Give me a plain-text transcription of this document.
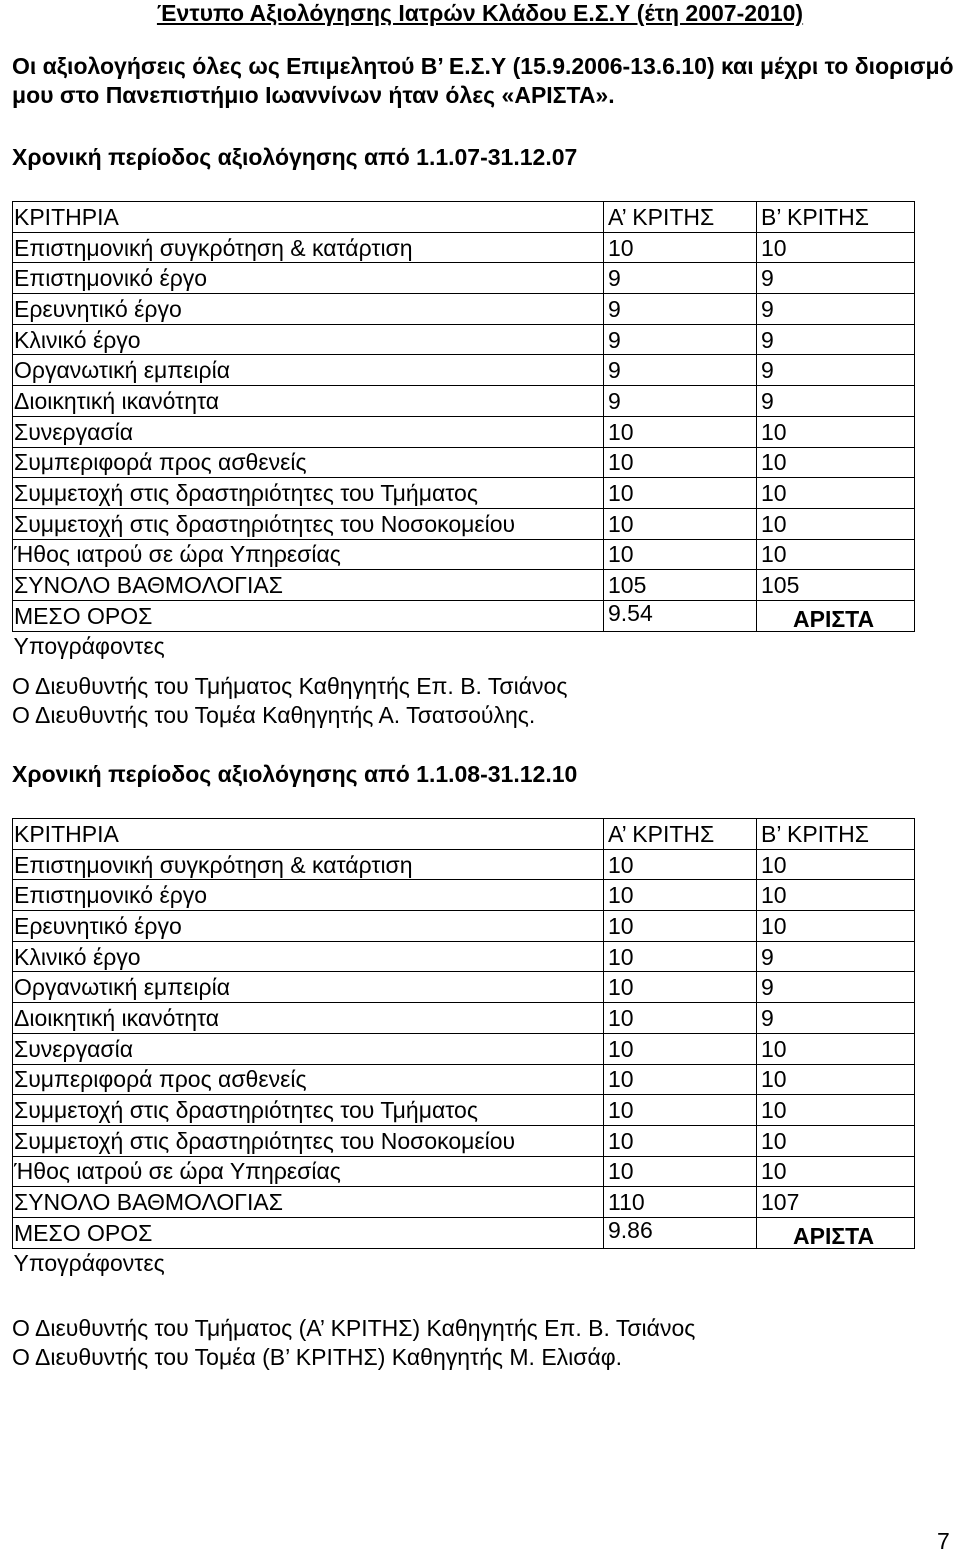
Έντυπο Αξιολόγησης Ιατρών Κλάδου Ε.Σ.Υ (έτη 2007-2010)
Οι αξιολογήσεις όλες ως Επιμελητού Β’ Ε.Σ.Υ (15.9.2006-13.6.10) και μέχρι το διορισμό μου στο Πανεπιστήμιο Ιωαννίνων ήταν όλες «ΑΡΙΣΤΑ».
Χρονική περίοδος αξιολόγησης από 1.1.07-31.12.07
ΚΡΙΤΗΡΙΑ	Α’ ΚΡΙΤΗΣ	Β’ ΚΡΙΤΗΣ
Επιστημονική συγκρότηση & κατάρτιση	10	10
Επιστημονικό έργο	9	9
Ερευνητικό έργο	9	9
Κλινικό έργο	9	9
Οργανωτική εμπειρία	9	9
Διοικητική ικανότητα	9	9
Συνεργασία	10	10
Συμπεριφορά προς ασθενείς	10	10
Συμμετοχή στις δραστηριότητες του Τμήματος	10	10
Συμμετοχή στις δραστηριότητες του Νοσοκομείου	10	10
Ήθος ιατρού σε ώρα Υπηρεσίας	10	10
ΣΥΝΟΛΟ ΒΑΘΜΟΛΟΓΙΑΣ	105	105
ΜΕΣΟ ΟΡΟΣ	9.54	ΑΡΙΣΤΑ
Υπογράφοντες		
Ο Διευθυντής του Τμήματος Καθηγητής Επ. Β. Τσιάνος
Ο Διευθυντής του Τομέα Καθηγητής Α. Τσατσούλης.
Χρονική περίοδος αξιολόγησης από 1.1.08-31.12.10
ΚΡΙΤΗΡΙΑ	Α’ ΚΡΙΤΗΣ	Β’ ΚΡΙΤΗΣ
Επιστημονική συγκρότηση & κατάρτιση	10	10
Επιστημονικό έργο	10	10
Ερευνητικό έργο	10	10
Κλινικό έργο	10	9
Οργανωτική εμπειρία	10	9
Διοικητική ικανότητα	10	9
Συνεργασία	10	10
Συμπεριφορά προς ασθενείς	10	10
Συμμετοχή στις δραστηριότητες του Τμήματος	10	10
Συμμετοχή στις δραστηριότητες του Νοσοκομείου	10	10
Ήθος ιατρού σε ώρα Υπηρεσίας	10	10
ΣΥΝΟΛΟ ΒΑΘΜΟΛΟΓΙΑΣ	110	107
ΜΕΣΟ ΟΡΟΣ	9.86	ΑΡΙΣΤΑ
Υπογράφοντες		
Ο Διευθυντής του Τμήματος (Α’ ΚΡΙΤΗΣ) Καθηγητής Επ. Β. Τσιάνος
Ο Διευθυντής του Τομέα (Β’ ΚΡΙΤΗΣ) Καθηγητής Μ. Ελισάφ.
7
